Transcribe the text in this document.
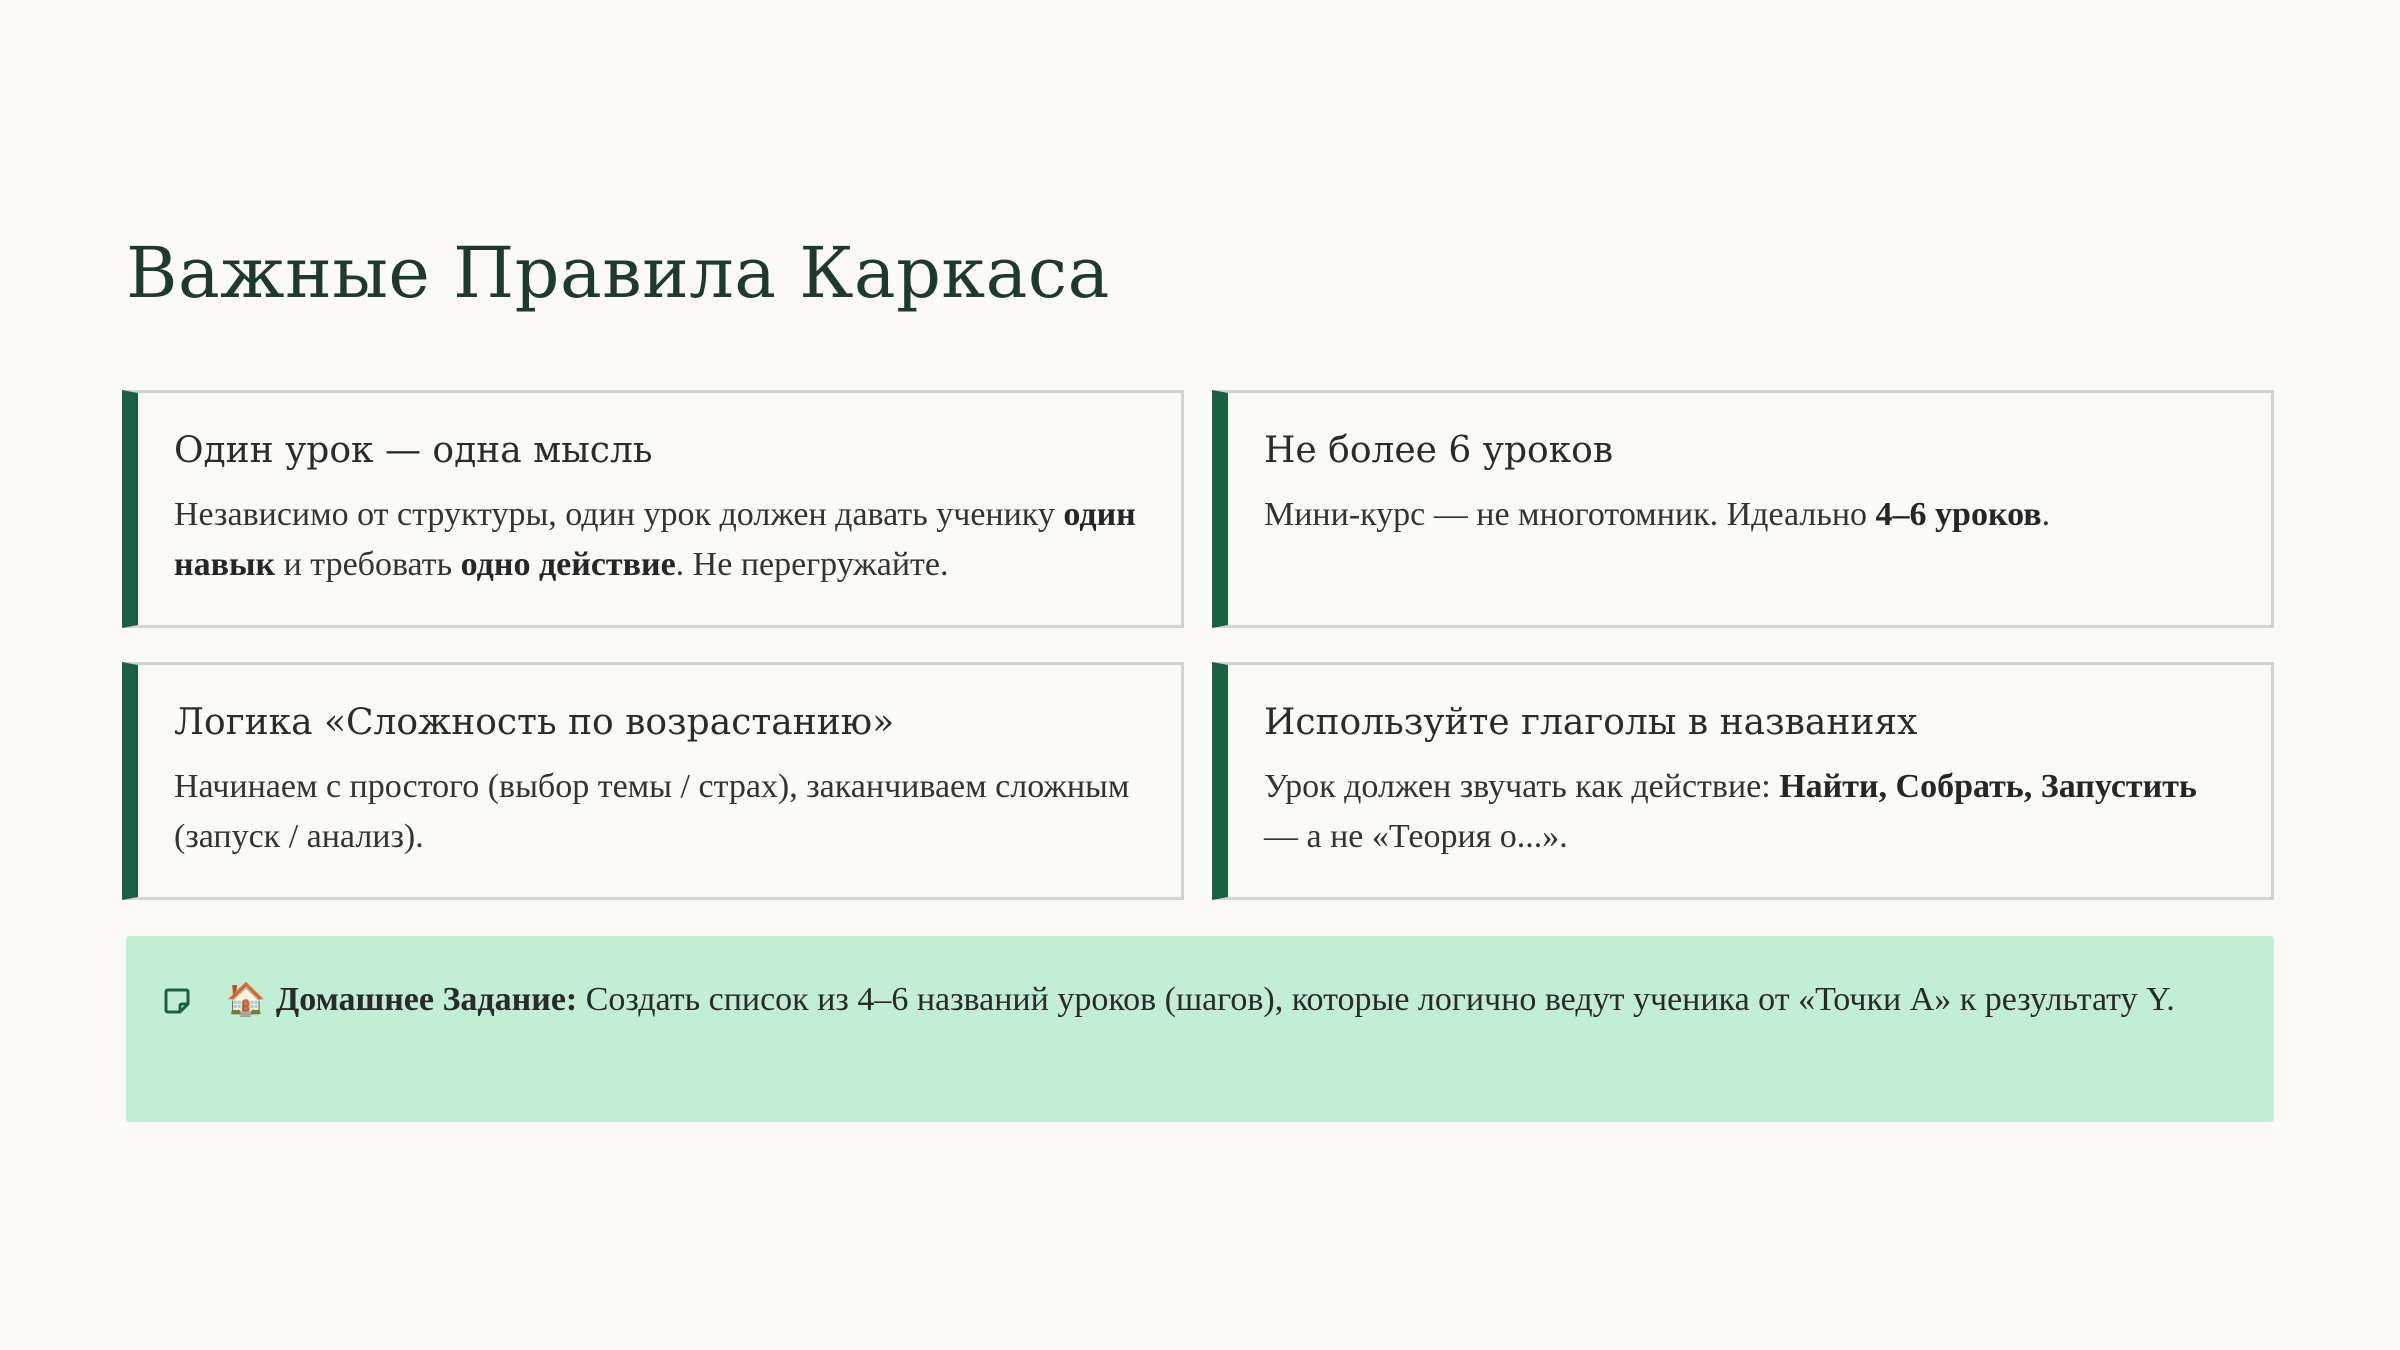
Важные Правила Каркаса
Один урок — одна мысль
Независимо от структуры, один урок должен давать ученику один навык и требовать одно действие. Не перегружайте.
Не более 6 уроков
Мини-курс — не многотомник. Идеально 4–6 уроков.
Логика «Сложность по возрастанию»
Начинаем с простого (выбор темы / страх), заканчиваем сложным (запуск / анализ).
Используйте глаголы в названиях
Урок должен звучать как действие: Найти, Собрать, Запустить — а не «Теория о...».
🏠 Домашнее Задание: Создать список из 4–6 названий уроков (шагов), которые логично ведут ученика от «Точки А» к результату Y.
